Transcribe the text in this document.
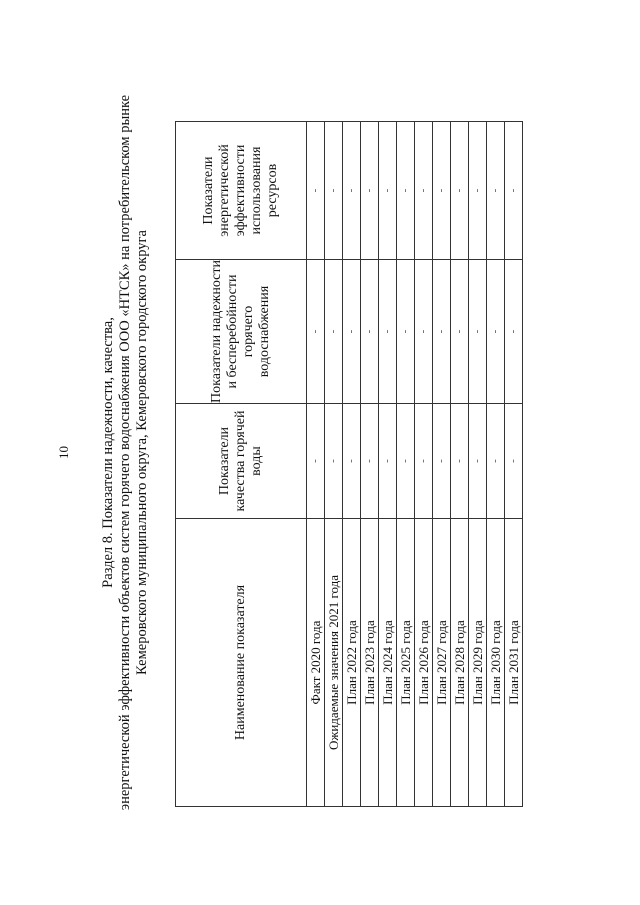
10 Раздел 8. Показатели надежности, качества, энергетической эффективности объектов систем горячего водоснабжения ООО «НТСК» на потребительском рынке Кемеровского муниципального округа, Кемеровского городского округа	Наименование показателя	Показатели качества горячей воды	Показатели надежности и бесперебойности горячего водоснабжения	Показатели энергетической эффективности использования ресурсов
Факт 2020 года	-	-	-
Ожидаемые значения 2021 года	-	-	-
План 2022 года	-	-	-
План 2023 года	-	-	-
План 2024 года	-	-	-
План 2025 года	-	-	-
План 2026 года	-	-	-
План 2027 года	-	-	-
План 2028 года	-	-	-
План 2029 года	-	-	-
План 2030 года	-	-	-
План 2031 года	-	-	-
